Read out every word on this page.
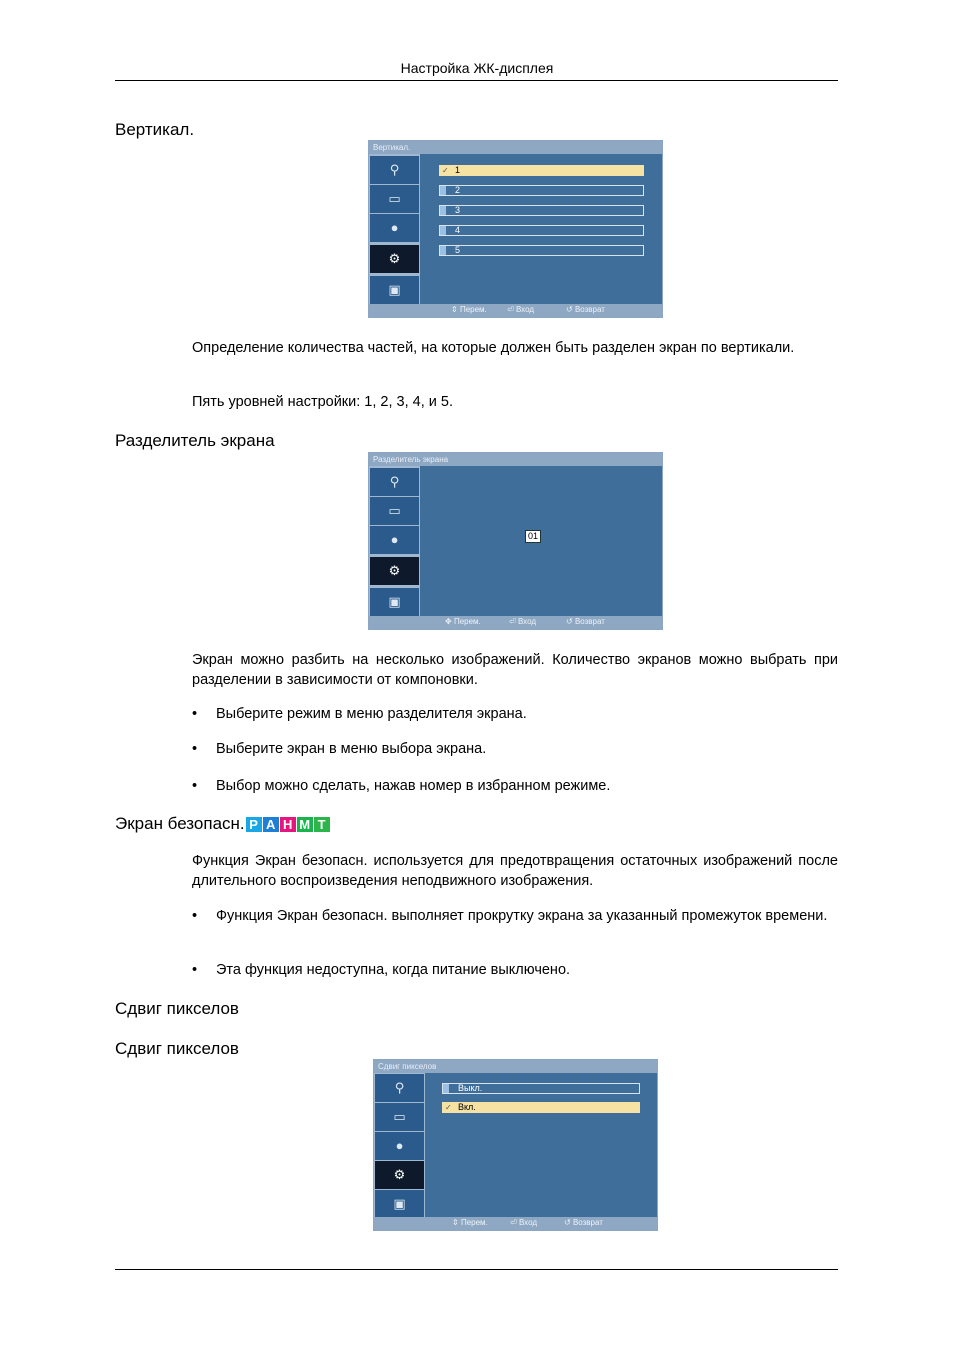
Настройка ЖК-дисплея
Вертикал.
Вертикал.
⚲
▭
●
⚙
▣
✓ 1
2
3
4
5
⇕ Перем.	⏎ Вход	↺ Возврат
Определение количества частей, на которые должен быть разделен экран по вертикали.
Пять уровней настройки: 1, 2, 3, 4, и 5.
Разделитель экрана
Разделитель экрана
⚲
▭
●
⚙
▣
01
✥ Перем.	⏎ Вход	↺ Возврат
Экран можно разбить на несколько изображений. Количество экранов можно выбрать при разделении в зависимости от компоновки.
• Выберите режим в меню разделителя экрана.
• Выберите экран в меню выбора экрана.
• Выбор можно сделать, нажав номер в избранном режиме.
Экран безопасн. P A H M T
Функция Экран безопасн. используется для предотвращения остаточных изображений после длительного воспроизведения неподвижного изображения.
• Функция Экран безопасн. выполняет прокрутку экрана за указанный промежуток времени.
• Эта функция недоступна, когда питание выключено.
Сдвиг пикселов
Сдвиг пикселов
Сдвиг пикселов
⚲
▭
●
⚙
▣
Выкл.
✓ Вкл.
⇕ Перем.	⏎ Вход	↺ Возврат
